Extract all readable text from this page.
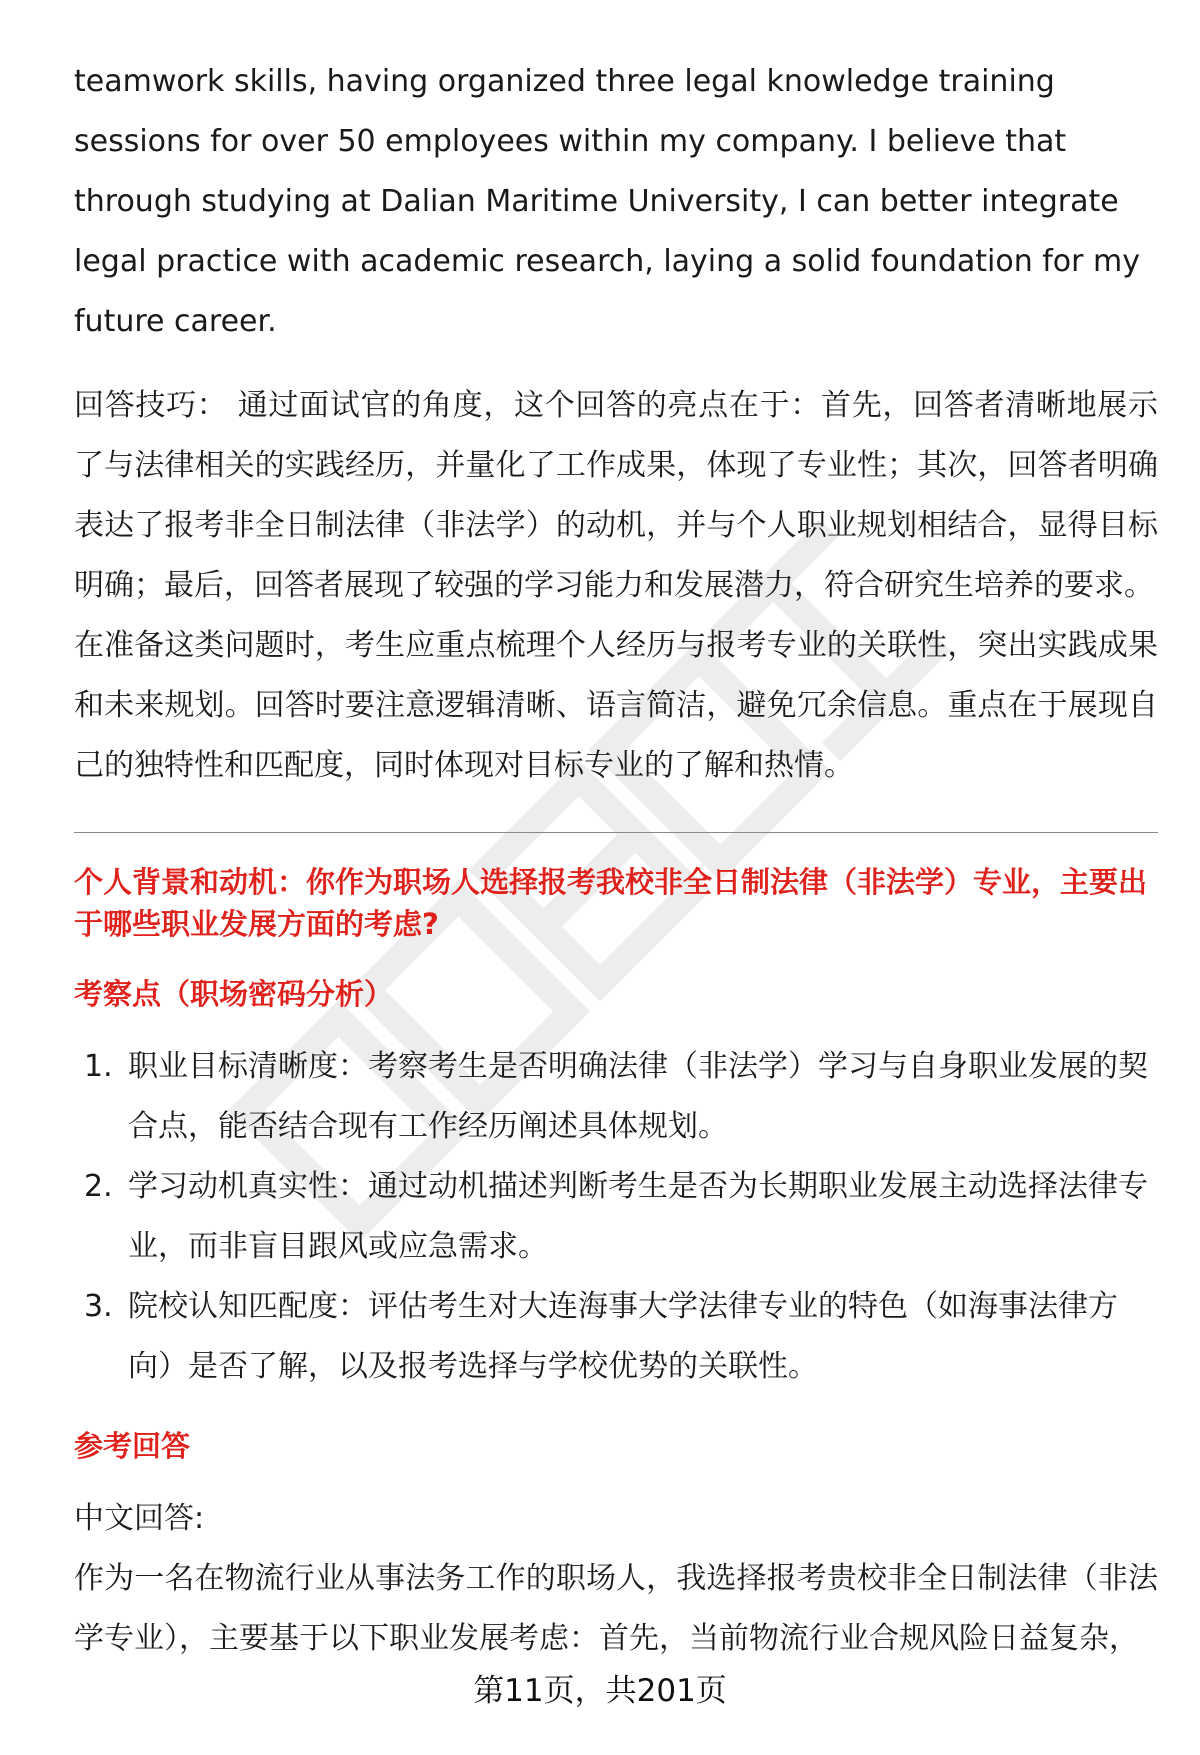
teamwork skills, having organized three legal knowledge training sessions for over 50 employees within my company. I believe that through studying at Dalian Maritime University, I can better integrate legal practice with academic research, laying a solid foundation for my future career.

回答技巧： 通过面试官的角度，这个回答的亮点在于：首先，回答者清晰地展示了与法律相关的实践经历，并量化了工作成果，体现了专业性；其次，回答者明确表达了报考非全日制法律（非法学）的动机，并与个人职业规划相结合，显得目标明确；最后，回答者展现了较强的学习能力和发展潜力，符合研究生培养的要求。

在准备这类问题时，考生应重点梳理个人经历与报考专业的关联性，突出实践成果和未来规划。回答时要注意逻辑清晰、语言简洁，避免冗余信息。重点在于展现自己的独特性和匹配度，同时体现对目标专业的了解和热情。

个人背景和动机：你作为职场人选择报考我校非全日制法律（非法学）专业，主要出于哪些职业发展方面的考虑?

考察点（职场密码分析）

1. 职业目标清晰度：考察考生是否明确法律（非法学）学习与自身职业发展的契合点，能否结合现有工作经历阐述具体规划。
2. 学习动机真实性：通过动机描述判断考生是否为长期职业发展主动选择法律专业，而非盲目跟风或应急需求。
3. 院校认知匹配度：评估考生对大连海事大学法律专业的特色（如海事法律方向）是否了解，以及报考选择与学校优势的关联性。

参考回答

中文回答:

作为一名在物流行业从事法务工作的职场人，我选择报考贵校非全日制法律（非法学专业），主要基于以下职业发展考虑：首先，当前物流行业合规风险日益复杂，

第11页，共201页
